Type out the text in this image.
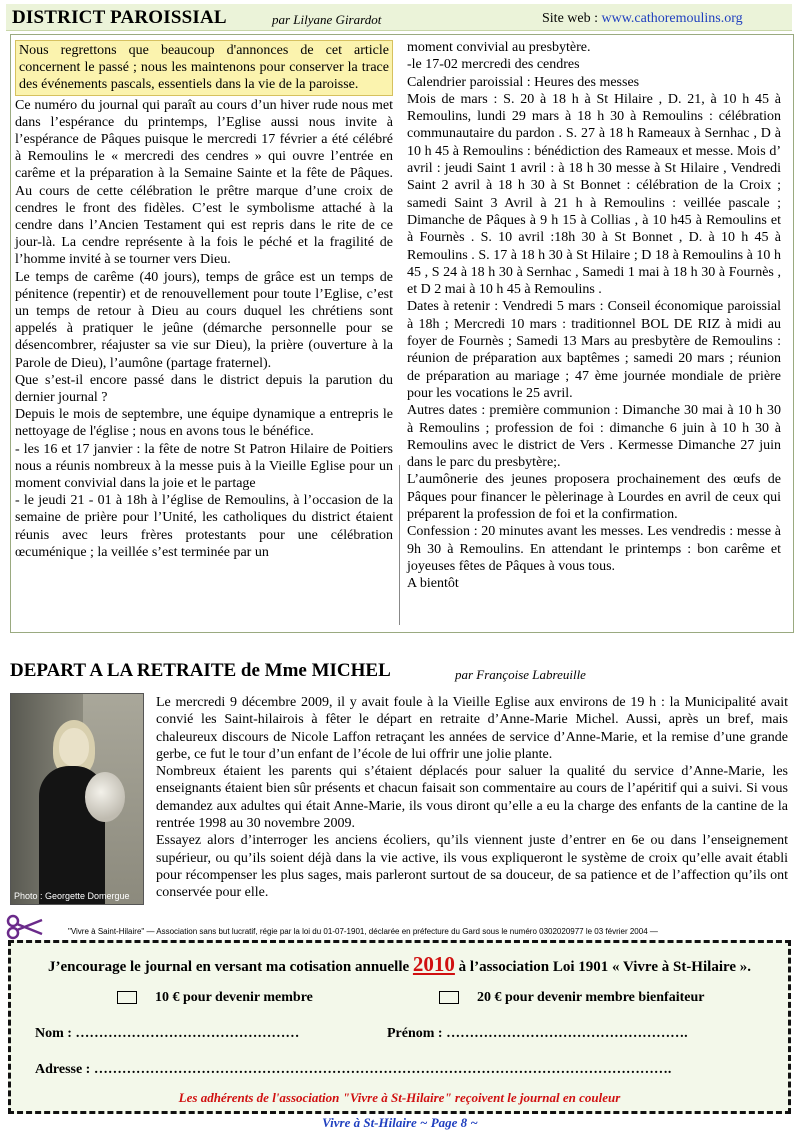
DISTRICT PAROISSIAL	par Lilyane Girardot	Site web : www.cathoremoulins.org
Nous regrettons que beaucoup d'annonces de cet article concernent le passé ; nous les maintenons pour conserver la trace des événements pascals, essentiels dans la vie de la paroisse.

Ce numéro du journal qui paraît au cours d’un hiver rude nous met dans l’espérance du printemps, l’Eglise aussi nous invite à l’espérance de Pâques puisque le mercredi 17 février a été célébré à Remoulins le « mercredi des cendres » qui ouvre l’entrée en carême et la préparation à la Semaine Sainte et la fête de Pâques. Au cours de cette célébration le prêtre marque d’une croix de cendres le front des fidèles. C’est le symbolisme attaché à la cendre dans l’Ancien Testament qui est repris dans le rite de ce jour-là. La cendre représente à la fois le péché et la fragilité de l’homme invité à se tourner vers Dieu.

Le temps de carême (40 jours), temps de grâce est un temps de pénitence (repentir) et de renouvellement pour toute l’Eglise, c’est un temps de retour à Dieu au cours duquel les chrétiens sont appelés à pratiquer le jeûne (démarche personnelle pour se désencombrer, réajuster sa vie sur Dieu), la prière (ouverture à la Parole de Dieu), l’aumône (partage fraternel).

Que s’est-il encore passé dans le district depuis la parution du dernier journal ?

Depuis le mois de septembre, une équipe dynamique a entrepris le nettoyage de l'église ; nous en avons tous le bénéfice.

- les 16 et 17 janvier : la fête de notre St Patron Hilaire de Poitiers nous a réunis nombreux à la messe puis à la Vieille Eglise pour un moment convivial dans la joie et le partage

- le jeudi 21 - 01 à 18h à l’église de Remoulins, à l’occasion de la semaine de prière pour l’Unité, les catholiques du district étaient réunis avec leurs frères protestants pour une célébration œcuménique ; la veillée s’est terminée par un

moment convivial au presbytère.

-le 17-02 mercredi des cendres

Calendrier paroissial : Heures des messes

Mois de mars : S. 20 à 18 h à St Hilaire , D. 21, à 10 h 45 à Remoulins, lundi 29 mars à 18 h 30 à Remoulins : célébration communautaire du pardon . S. 27 à 18 h Rameaux à Sernhac , D à 10 h 45 à Remoulins : bénédiction des Rameaux et messe. Mois d’ avril : jeudi Saint 1 avril : à 18 h 30 messe à St Hilaire , Vendredi Saint 2 avril à 18 h 30 à St Bonnet : célébration de la Croix ; samedi Saint 3 Avril à 21 h à Remoulins : veillée pascale ; Dimanche de Pâques à 9 h 15 à Collias , à 10 h45 à Remoulins et à Fournès . S. 10 avril :18h 30 à St Bonnet , D. à 10 h 45 à Remoulins . S. 17 à 18 h 30 à St Hilaire ; D 18 à Remoulins à 10 h 45 , S 24 à 18 h 30 à Sernhac , Samedi 1 mai à 18 h 30 à Fournès , et D 2 mai à 10 h 45 à Remoulins .

Dates à retenir : Vendredi 5 mars : Conseil économique paroissial à 18h ; Mercredi 10 mars : traditionnel BOL DE RIZ à midi au foyer de Fournès ; Samedi 13 Mars au presbytère de Remoulins : réunion de préparation aux baptêmes ; samedi 20 mars ; réunion de préparation au mariage ; 47 ème journée mondiale de prière pour les vocations le 25 avril.

Autres dates : première communion : Dimanche 30 mai à 10 h 30 à Remoulins ; profession de foi : dimanche 6 juin à 10 h 30 à Remoulins avec le district de Vers . Kermesse Dimanche 27 juin dans le parc du presbytère;.

L’aumônerie des jeunes proposera prochainement des œufs de Pâques pour financer le pèlerinage à Lourdes en avril de ceux qui préparent la profession de foi et la confirmation.

Confession : 20 minutes avant les messes. Les vendredis : messe à 9h 30 à Remoulins. En attendant le printemps : bon carême et joyeuses fêtes de Pâques à vous tous.

A bientôt

DEPART A LA RETRAITE de Mme MICHEL	par Françoise Labreuille
Photo : Georgette Domergue

Le mercredi 9 décembre 2009, il y avait foule à la Vieille Eglise aux environs de 19 h : la Municipalité avait convié les Saint-hilairois à fêter le départ en retraite d’Anne-Marie Michel. Aussi, après un bref, mais chaleureux discours de Nicole Laffon retraçant les années de service d’Anne-Marie, et la remise d’une grande gerbe, ce fut le tour d’un enfant de l’école de lui offrir une jolie plante.

Nombreux étaient les parents qui s’étaient déplacés pour saluer la qualité du service d’Anne-Marie, les enseignants étaient bien sûr présents et chacun faisait son commentaire au cours de l’apéritif qui a suivi. Si vous demandez aux adultes qui était Anne-Marie, ils vous diront qu’elle a eu la charge des enfants de la cantine de la rentrée 1998 au 30 novembre 2009.

Essayez alors d’interroger les anciens écoliers, qu’ils viennent juste d’entrer en 6e ou dans l’enseignement supérieur, ou qu’ils soient déjà dans la vie active, ils vous expliqueront le système de croix qu’elle avait établi pour récompenser les plus sages, mais parleront surtout de sa douceur, de sa patience et de l’affection qu’ils ont conservée pour elle.

"Vivre à Saint-Hilaire" — Association sans but lucratif, régie par la loi du 01-07-1901, déclarée en préfecture du Gard sous le numéro 0302020977 le 03 février 2004 —
J’encourage le journal en versant ma cotisation annuelle 2010 à l’association Loi 1901 « Vivre à St-Hilaire ».
10 € pour devenir membre	20 € pour devenir membre bienfaiteur
Nom : …………………………………………	Prénom : …………………………………………….
Adresse : …………………………………………………………………………………………………………….
Les adhérents de l'association "Vivre à St-Hilaire" reçoivent le journal en couleur
Vivre à St-Hilaire ~ Page 8 ~
